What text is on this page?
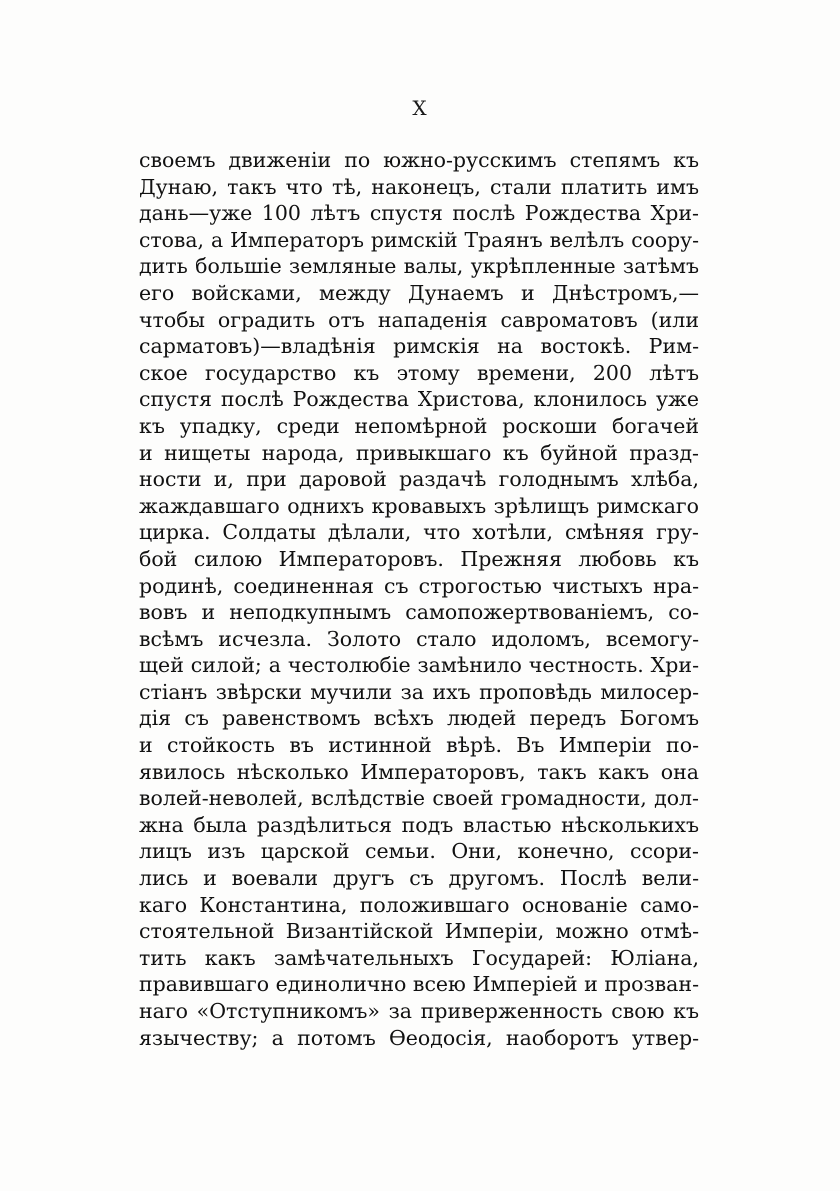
X
своемъ движеніи по южно-русскимъ степямъ къ
Дунаю, такъ что тѣ, наконецъ, стали платить имъ
дань—уже 100 лѣтъ спустя послѣ Рождества Хри-
стова, а Императоръ римскій Траянъ велѣлъ соору-
дить большіе земляные валы, укрѣпленные затѣмъ
его войсками, между Дунаемъ и Днѣстромъ,—
чтобы оградить отъ нападенія савроматовъ (или
сарматовъ)—владѣнія римскія на востокѣ. Рим-
ское государство къ этому времени, 200 лѣтъ
спустя послѣ Рождества Христова, клонилось уже
къ упадку, среди непомѣрной роскоши богачей
и нищеты народа, привыкшаго къ буйной празд-
ности и, при даровой раздачѣ голоднымъ хлѣба,
жаждавшаго однихъ кровавыхъ зрѣлищъ римскаго
цирка. Солдаты дѣлали, что хотѣли, смѣняя гру-
бой силою Императоровъ. Прежняя любовь къ
родинѣ, соединенная съ строгостью чистыхъ нра-
вовъ и неподкупнымъ самопожертвованіемъ, со-
всѣмъ исчезла. Золото стало идоломъ, всемогу-
щей силой; а честолюбіе замѣнило честность. Хри-
стіанъ звѣрски мучили за ихъ проповѣдь милосер-
дія съ равенствомъ всѣхъ людей передъ Богомъ
и стойкость въ истинной вѣрѣ. Въ Имперіи по-
явилось нѣсколько Императоровъ, такъ какъ она
волей-неволей, вслѣдствіе своей громадности, дол-
жна была раздѣлиться подъ властью нѣсколькихъ
лицъ изъ царской семьи. Они, конечно, ссори-
лись и воевали другъ съ другомъ. Послѣ вели-
каго Константина, положившаго основаніе само-
стоятельной Византійской Имперіи, можно отмѣ-
тить какъ замѣчательныхъ Государей: Юліана,
правившаго единолично всею Имперіей и прозван-
наго «Отступникомъ» за приверженность свою къ
язычеству; а потомъ Ѳеодосія, наоборотъ утвер-
